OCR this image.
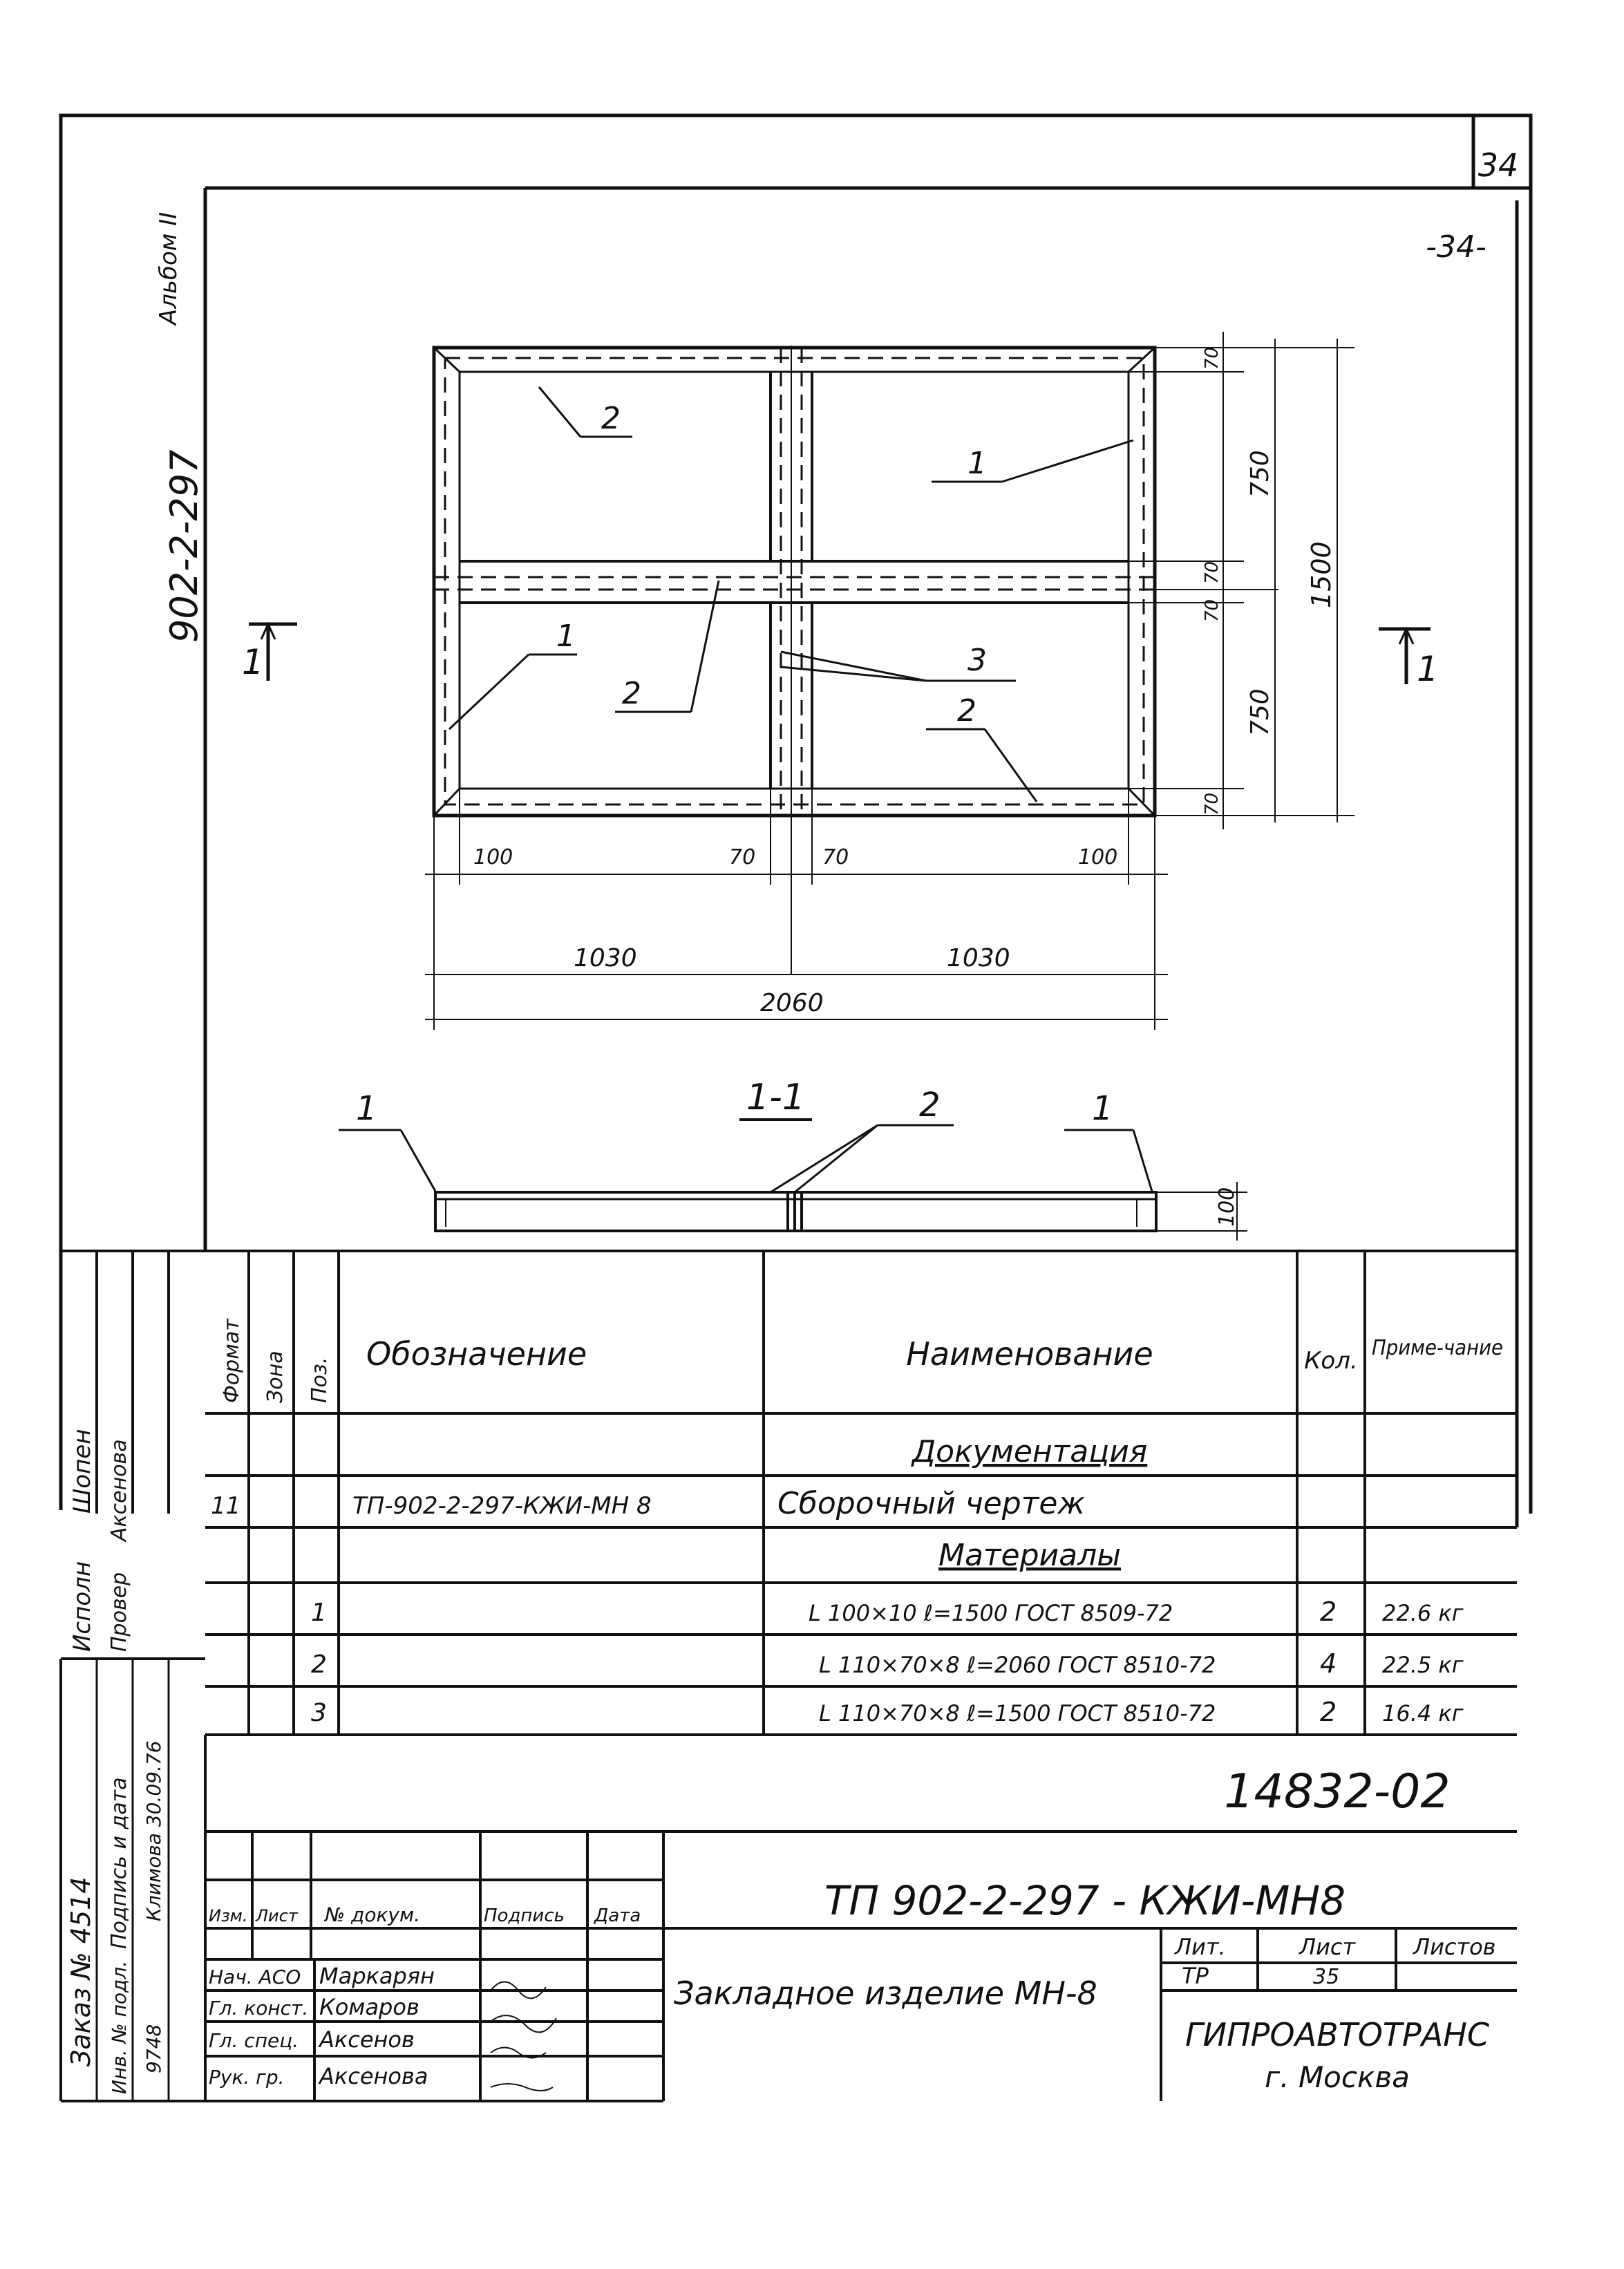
34
-34-
Альбом II
902-2-297
2
1
1
2
3
2
1	1
70
750
70
70
750
70
1500
100	70	70	100
1030	1030
2060
1-1
1	2	1
100
Исполн
Шопен
Провер
Аксенова
Заказ № 4514 Инв. № подл.
Подпись и дата
9748
Климова 30.09.76
Формат Зона Поз.
Обозначение	Наименование	Кол. Приме-чание
Документация
11	ТП-902-2-297-КЖИ-МН 8	Сборочный чертеж
Материалы
1	L 100×10 ℓ=1500 ГОСТ 8509-72	2 22.6 кг
2	L 110×70×8 ℓ=2060 ГОСТ 8510-72	4 22.5 кг
3	L 110×70×8 ℓ=1500 ГОСТ 8510-72	2 16.4 кг
14832-02
ТП 902-2-297 - КЖИ-МН8
Изм. Лист № докум.	Подпись Дата
Нач. АСО Маркарян
Гл. конст. Комаров
Гл. спец. Аксенов
Рук. гр. Аксенова
Закладное изделие МН-8
Лит.	Лист	Листов
ТР	35
ГИПРОАВТОТРАНС
г. Москва
